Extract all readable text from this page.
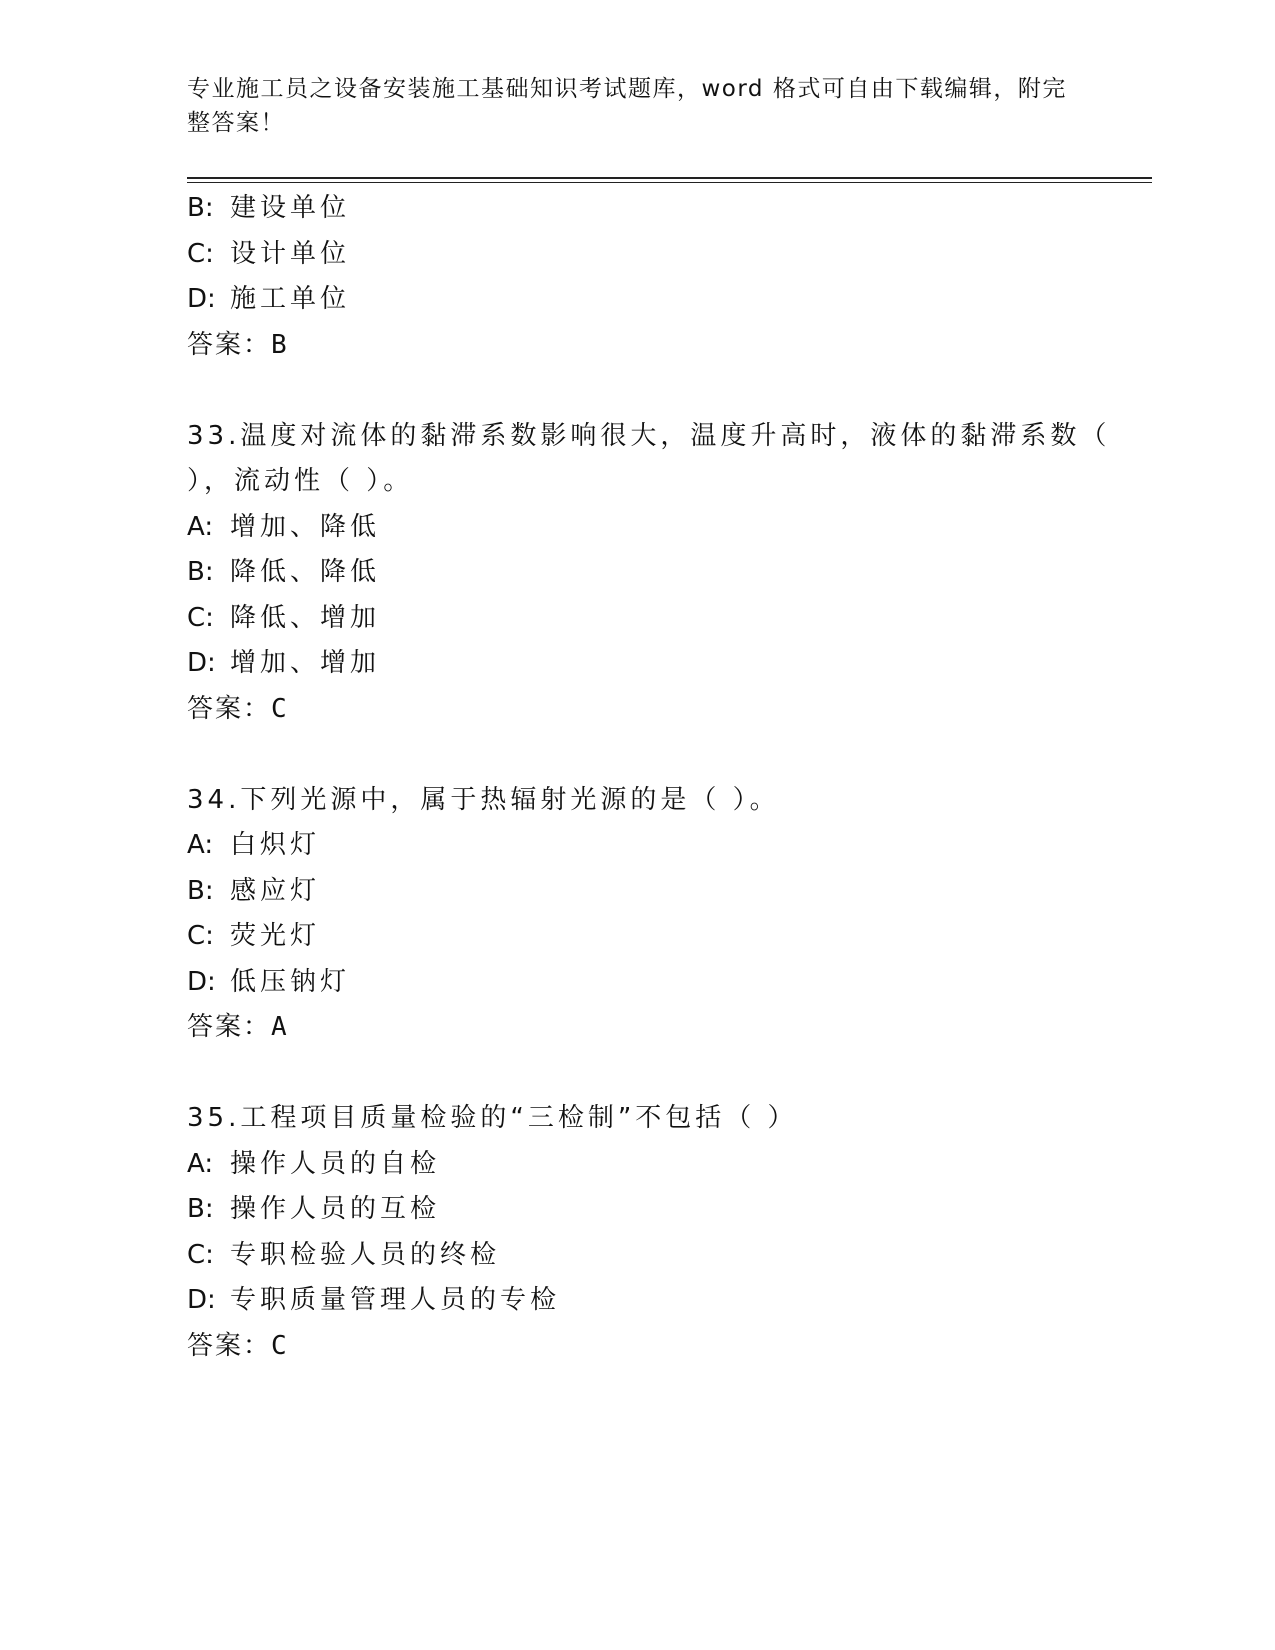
专业施工员之设备安装施工基础知识考试题库，word 格式可自由下载编辑，附完
整答案！
B: 建设单位
C: 设计单位
D: 施工单位
答案：B
33.温度对流体的黏滞系数影响很大，温度升高时，液体的黏滞系数（
），流动性（ ）。
A: 增加、降低
B: 降低、降低
C: 降低、增加
D: 增加、增加
答案：C
34.下列光源中，属于热辐射光源的是（ ）。
A: 白炽灯
B: 感应灯
C: 荧光灯
D: 低压钠灯
答案：A
35.工程项目质量检验的“三检制”不包括（ ）
A: 操作人员的自检
B: 操作人员的互检
C: 专职检验人员的终检
D: 专职质量管理人员的专检
答案：C
